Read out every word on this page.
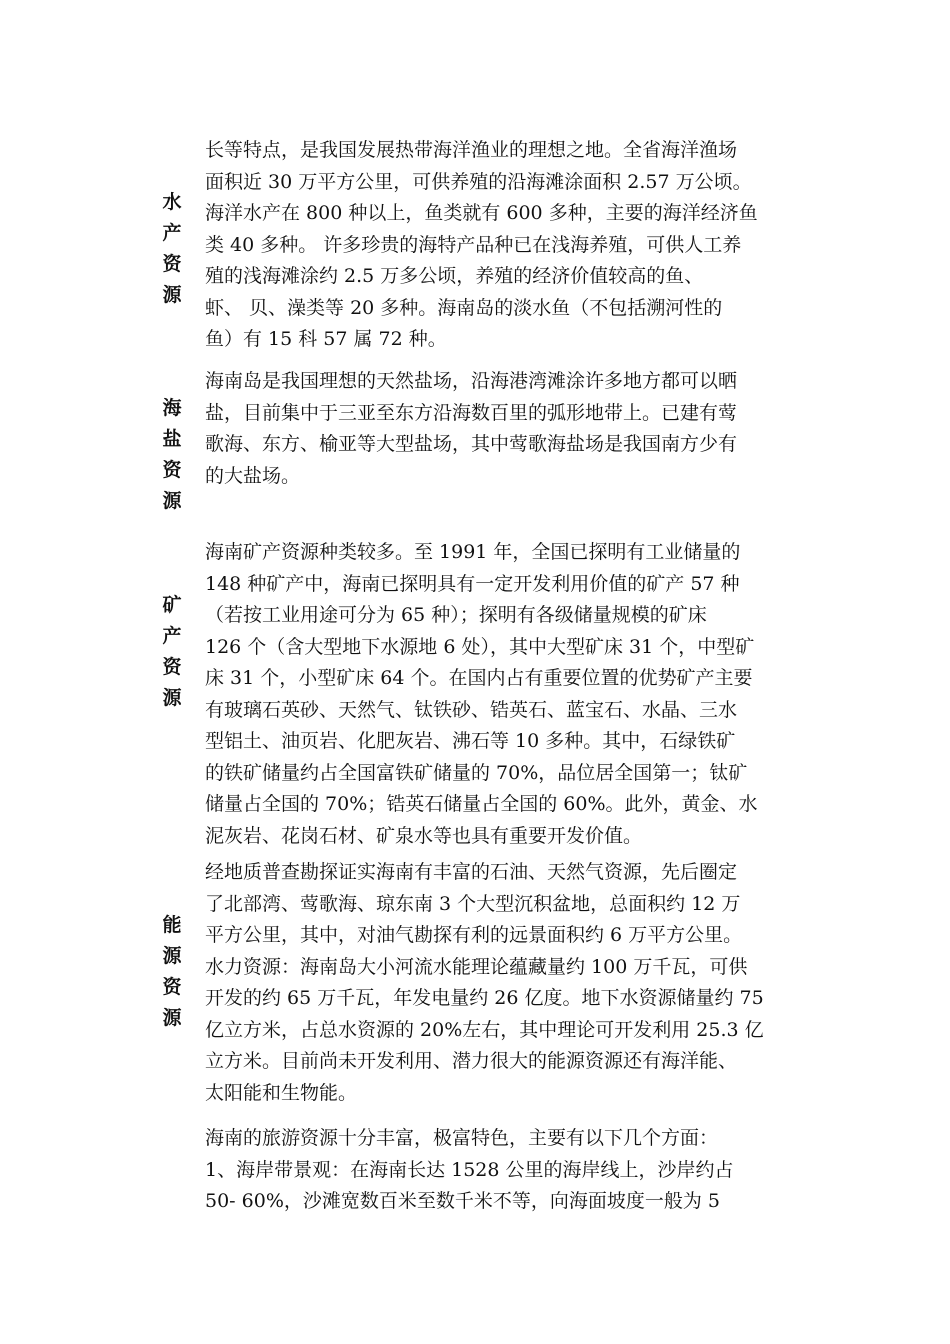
水
产
资
源
长等特点，是我国发展热带海洋渔业的理想之地。全省海洋渔场
面积近 30 万平方公里，可供养殖的沿海滩涂面积 2.57 万公顷。
海洋水产在 800 种以上，鱼类就有 600 多种，主要的海洋经济鱼
类 40 多种。 许多珍贵的海特产品种已在浅海养殖，可供人工养
殖的浅海滩涂约 2.5 万多公顷，养殖的经济价值较高的鱼、
虾、 贝、澡类等 20 多种。海南岛的淡水鱼（不包括溯河性的
鱼）有 15 科 57 属 72 种。
海
盐
资
源
海南岛是我国理想的天然盐场，沿海港湾滩涂许多地方都可以晒
盐，目前集中于三亚至东方沿海数百里的弧形地带上。已建有莺
歌海、东方、榆亚等大型盐场，其中莺歌海盐场是我国南方少有
的大盐场。
矿
产
资
源
海南矿产资源种类较多。至 1991 年，全国已探明有工业储量的
148 种矿产中，海南已探明具有一定开发利用价值的矿产 57 种
（若按工业用途可分为 65 种）；探明有各级储量规模的矿床
126 个（含大型地下水源地 6 处），其中大型矿床 31 个，中型矿
床 31 个，小型矿床 64 个。在国内占有重要位置的优势矿产主要
有玻璃石英砂、天然气、钛铁砂、锆英石、蓝宝石、水晶、三水
型铝土、油页岩、化肥灰岩、沸石等 10 多种。其中，石绿铁矿
的铁矿储量约占全国富铁矿储量的 70%，品位居全国第一；钛矿
储量占全国的 70%；锆英石储量占全国的 60%。此外，黄金、水
泥灰岩、花岗石材、矿泉水等也具有重要开发价值。
能
源
资
源
经地质普查勘探证实海南有丰富的石油、天然气资源，先后圈定
了北部湾、莺歌海、琼东南 3 个大型沉积盆地，总面积约 12 万
平方公里，其中，对油气勘探有利的远景面积约 6 万平方公里。
水力资源：海南岛大小河流水能理论蕴藏量约 100 万千瓦，可供
开发的约 65 万千瓦，年发电量约 26 亿度。地下水资源储量约 75
亿立方米，占总水资源的 20%左右，其中理论可开发利用 25.3 亿
立方米。目前尚未开发利用、潜力很大的能源资源还有海洋能、
太阳能和生物能。
海南的旅游资源十分丰富，极富特色，主要有以下几个方面：
1、海岸带景观：在海南长达 1528 公里的海岸线上，沙岸约占
50- 60%，沙滩宽数百米至数千米不等，向海面坡度一般为 5
